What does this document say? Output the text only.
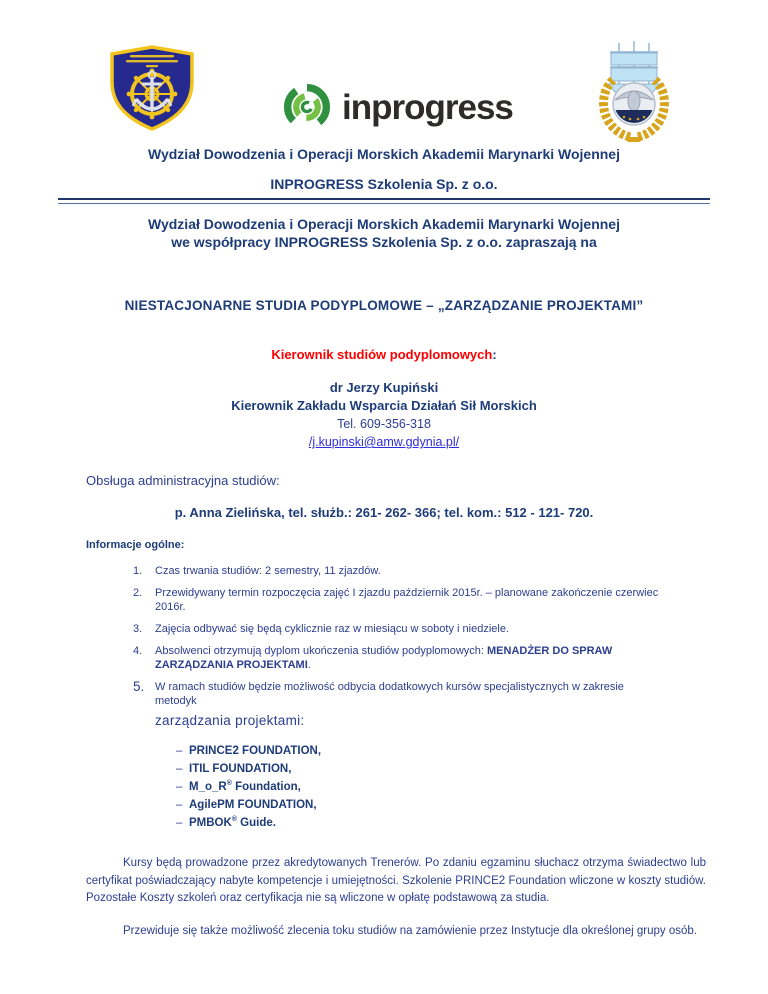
inprogress

Wydział Dowodzenia i Operacji Morskich Akademii Marynarki Wojennej

INPROGRESS Szkolenia Sp. z o.o.

Wydział Dowodzenia i Operacji Morskich Akademii Marynarki Wojennej
we współpracy INPROGRESS Szkolenia Sp. z o.o. zapraszają na
NIESTACJONARNE STUDIA PODYPLOMOWE – „ZARZĄDZANIE PROJEKTAMI”
Kierownik studiów podyplomowych:
dr Jerzy Kupiński
Kierownik Zakładu Wsparcia Działań Sił Morskich
Tel. 609-356-318
/j.kupinski@amw.gdynia.pl/

Obsługa administracyjna studiów:

p. Anna Zielińska, tel. służb.: 261- 262- 366; tel. kom.: 512 - 121- 720.

Informacje ogólne:

1.	Czas trwania studiów: 2 semestry, 11 zjazdów.
2.	Przewidywany termin rozpoczęcia zajęć I zjazdu październik 2015r. – planowane zakończenie czerwiec 2016r.
3.	Zajęcia odbywać się będą cyklicznie raz w miesiącu w soboty i niedziele.
4.	Absolwenci otrzymują dyplom ukończenia studiów podyplomowych: MENADŻER DO SPRAW ZARZĄDZANIA PROJEKTAMI.
5. W ramach studiów będzie możliwość odbycia dodatkowych kursów specjalistycznych w zakresie metodyk
zarządzania projektami:
– PRINCE2 FOUNDATION,
– ITIL FOUNDATION,
– M_o_R® Foundation,
– AgilePM FOUNDATION,
– PMBOK® Guide.

Kursy będą prowadzone przez akredytowanych Trenerów. Po zdaniu egzaminu słuchacz otrzyma świadectwo lub certyfikat poświadczający nabyte kompetencje i umiejętności. Szkolenie PRINCE2 Foundation wliczone w koszty studiów. Pozostałe Koszty szkoleń oraz certyfikacja nie są wliczone w opłatę podstawową za studia.

Przewiduje się także możliwość zlecenia toku studiów na zamówienie przez Instytucje dla określonej grupy osób.
